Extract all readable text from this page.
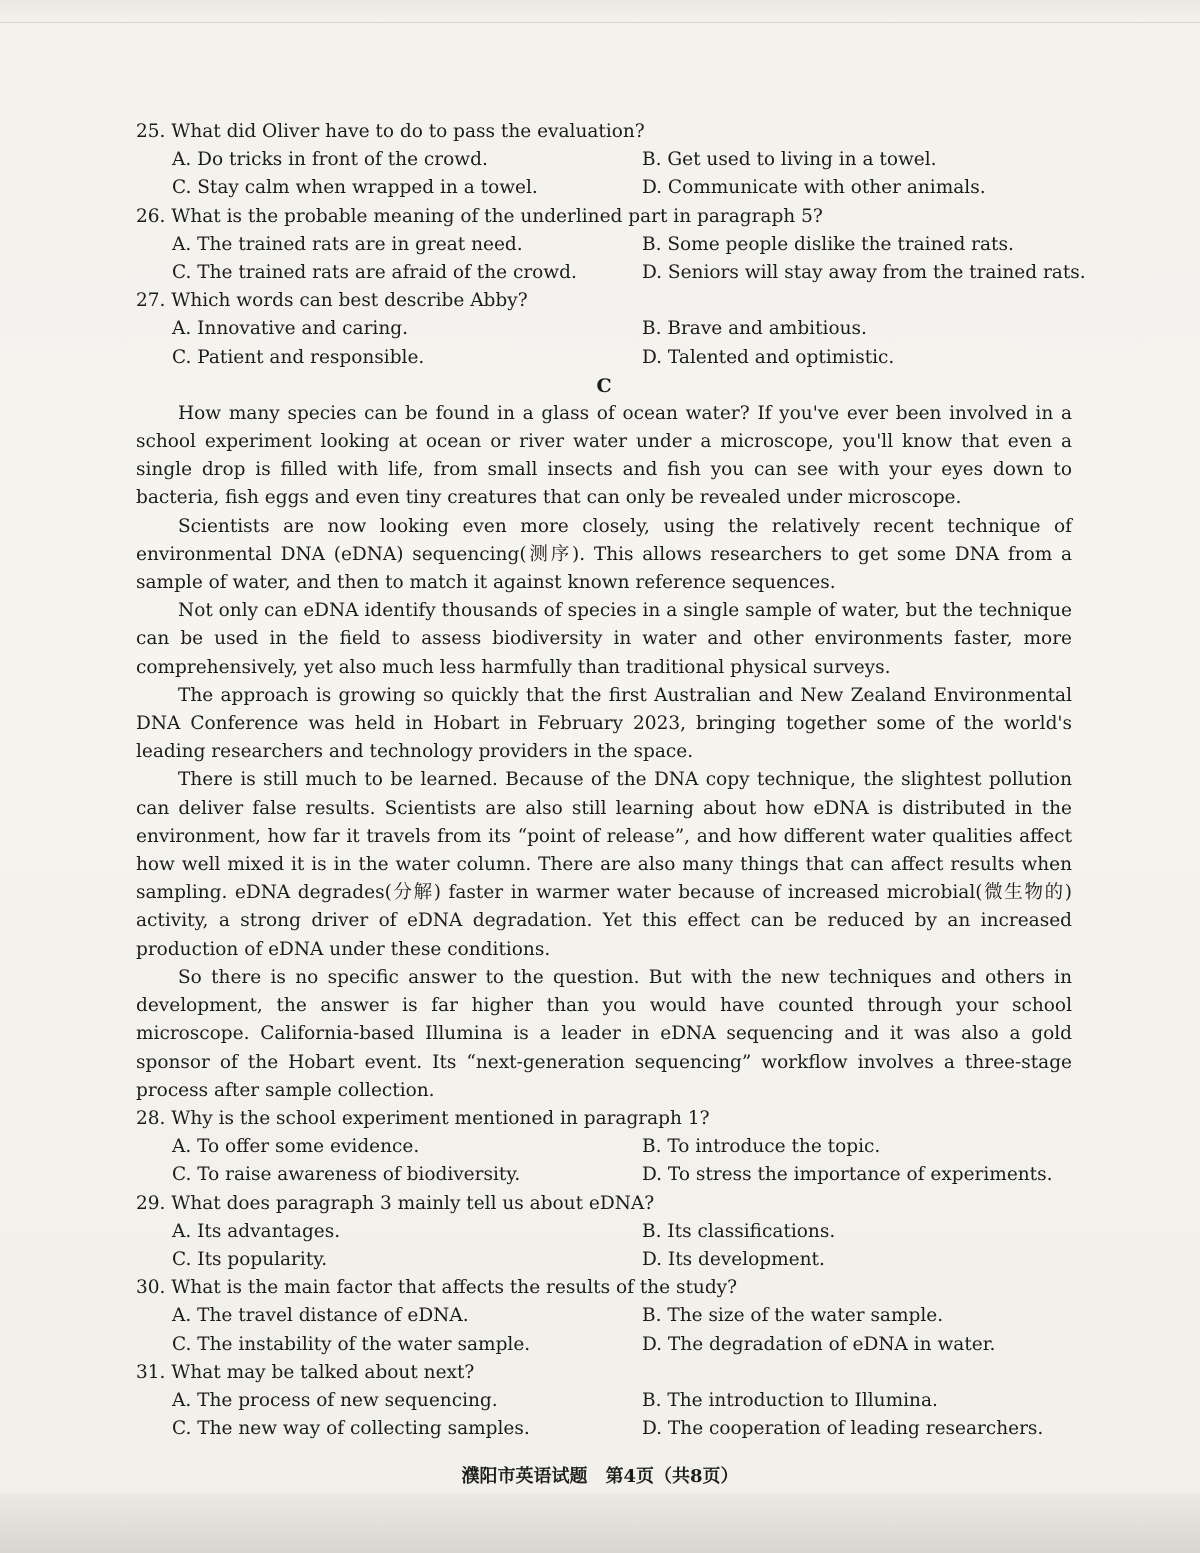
25. What did Oliver have to do to pass the evaluation?
A. Do tricks in front of the crowd.	B. Get used to living in a towel.
C. Stay calm when wrapped in a towel.	D. Communicate with other animals.
26. What is the probable meaning of the underlined part in paragraph 5?
A. The trained rats are in great need.	B. Some people dislike the trained rats.
C. The trained rats are afraid of the crowd.	D. Seniors will stay away from the trained rats.
27. Which words can best describe Abby?
A. Innovative and caring.	B. Brave and ambitious.
C. Patient and responsible.	D. Talented and optimistic.
C

How many species can be found in a glass of ocean water? If you've ever been involved in a school experiment looking at ocean or river water under a microscope, you'll know that even a single drop is filled with life, from small insects and fish you can see with your eyes down to bacteria, fish eggs and even tiny creatures that can only be revealed under microscope.

Scientists are now looking even more closely, using the relatively recent technique of environmental DNA (eDNA) sequencing(测序). This allows researchers to get some DNA from a sample of water, and then to match it against known reference sequences.

Not only can eDNA identify thousands of species in a single sample of water, but the technique can be used in the field to assess biodiversity in water and other environments faster, more comprehensively, yet also much less harmfully than traditional physical surveys.

The approach is growing so quickly that the first Australian and New Zealand Environmental DNA Conference was held in Hobart in February 2023, bringing together some of the world's leading researchers and technology providers in the space.

There is still much to be learned. Because of the DNA copy technique, the slightest pollution can deliver false results. Scientists are also still learning about how eDNA is distributed in the environment, how far it travels from its “point of release”, and how different water qualities affect how well mixed it is in the water column. There are also many things that can affect results when sampling. eDNA degrades(分解) faster in warmer water because of increased microbial(微生物的) activity, a strong driver of eDNA degradation. Yet this effect can be reduced by an increased production of eDNA under these conditions.

So there is no specific answer to the question. But with the new techniques and others in development, the answer is far higher than you would have counted through your school microscope. California-based Illumina is a leader in eDNA sequencing and it was also a gold sponsor of the Hobart event. Its “next-generation sequencing” workflow involves a three-stage process after sample collection.

28. Why is the school experiment mentioned in paragraph 1?
A. To offer some evidence.	B. To introduce the topic.
C. To raise awareness of biodiversity.	D. To stress the importance of experiments.
29. What does paragraph 3 mainly tell us about eDNA?
A. Its advantages.	B. Its classifications.
C. Its popularity.	D. Its development.
30. What is the main factor that affects the results of the study?
A. The travel distance of eDNA.	B. The size of the water sample.
C. The instability of the water sample.	D. The degradation of eDNA in water.
31. What may be talked about next?
A. The process of new sequencing.	B. The introduction to Illumina.
C. The new way of collecting samples.	D. The cooperation of leading researchers.
濮阳市英语试题　第4页（共8页）
